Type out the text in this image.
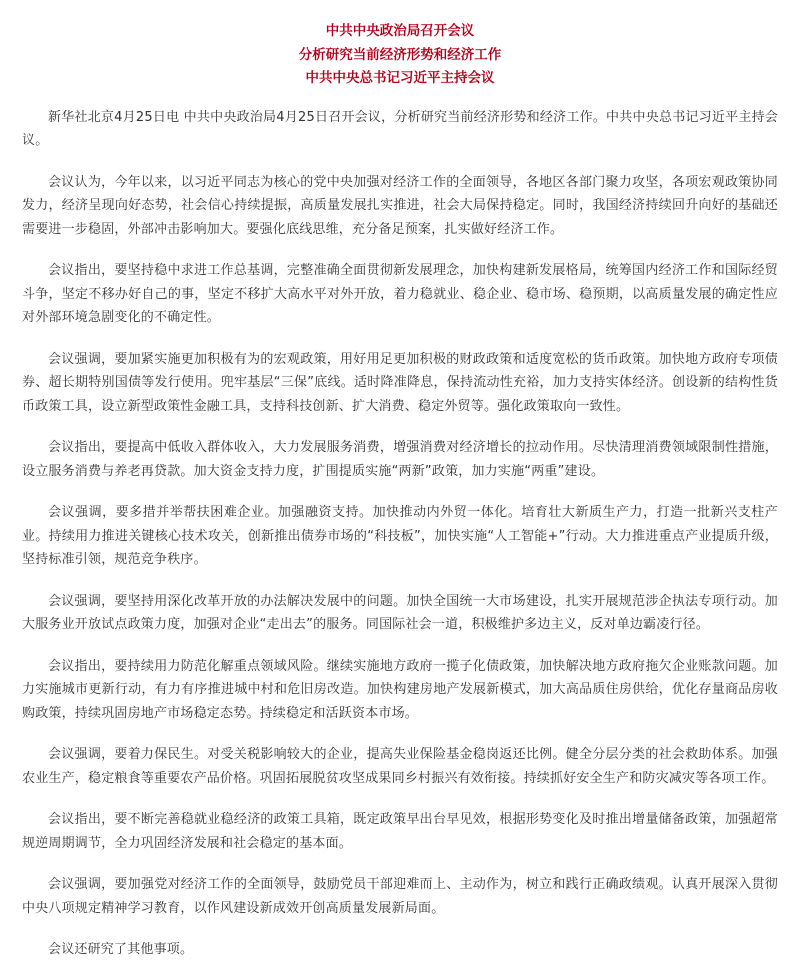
中共中央政治局召开会议
分析研究当前经济形势和经济工作
中共中央总书记习近平主持会议

新华社北京4月25日电 中共中央政治局4月25日召开会议，分析研究当前经济形势和经济工作。中共中央总书记习近平主持会议。

会议认为，今年以来，以习近平同志为核心的党中央加强对经济工作的全面领导，各地区各部门聚力攻坚，各项宏观政策协同发力，经济呈现向好态势，社会信心持续提振，高质量发展扎实推进，社会大局保持稳定。同时，我国经济持续回升向好的基础还需要进一步稳固，外部冲击影响加大。要强化底线思维，充分备足预案，扎实做好经济工作。

会议指出，要坚持稳中求进工作总基调，完整准确全面贯彻新发展理念，加快构建新发展格局，统筹国内经济工作和国际经贸斗争，坚定不移办好自己的事，坚定不移扩大高水平对外开放，着力稳就业、稳企业、稳市场、稳预期，以高质量发展的确定性应对外部环境急剧变化的不确定性。

会议强调，要加紧实施更加积极有为的宏观政策，用好用足更加积极的财政政策和适度宽松的货币政策。加快地方政府专项债券、超长期特别国债等发行使用。兜牢基层“三保”底线。适时降准降息，保持流动性充裕，加力支持实体经济。创设新的结构性货币政策工具，设立新型政策性金融工具，支持科技创新、扩大消费、稳定外贸等。强化政策取向一致性。

会议指出，要提高中低收入群体收入，大力发展服务消费，增强消费对经济增长的拉动作用。尽快清理消费领域限制性措施，设立服务消费与养老再贷款。加大资金支持力度，扩围提质实施“两新”政策，加力实施“两重”建设。

会议强调，要多措并举帮扶困难企业。加强融资支持。加快推动内外贸一体化。培育壮大新质生产力，打造一批新兴支柱产业。持续用力推进关键核心技术攻关，创新推出债券市场的“科技板”，加快实施“人工智能+”行动。大力推进重点产业提质升级，坚持标准引领，规范竞争秩序。

会议强调，要坚持用深化改革开放的办法解决发展中的问题。加快全国统一大市场建设，扎实开展规范涉企执法专项行动。加大服务业开放试点政策力度，加强对企业“走出去”的服务。同国际社会一道，积极维护多边主义，反对单边霸凌行径。

会议指出，要持续用力防范化解重点领域风险。继续实施地方政府一揽子化债政策，加快解决地方政府拖欠企业账款问题。加力实施城市更新行动，有力有序推进城中村和危旧房改造。加快构建房地产发展新模式，加大高品质住房供给，优化存量商品房收购政策，持续巩固房地产市场稳定态势。持续稳定和活跃资本市场。

会议强调，要着力保民生。对受关税影响较大的企业，提高失业保险基金稳岗返还比例。健全分层分类的社会救助体系。加强农业生产，稳定粮食等重要农产品价格。巩固拓展脱贫攻坚成果同乡村振兴有效衔接。持续抓好安全生产和防灾减灾等各项工作。

会议指出，要不断完善稳就业稳经济的政策工具箱，既定政策早出台早见效，根据形势变化及时推出增量储备政策，加强超常规逆周期调节，全力巩固经济发展和社会稳定的基本面。

会议强调，要加强党对经济工作的全面领导，鼓励党员干部迎难而上、主动作为，树立和践行正确政绩观。认真开展深入贯彻中央八项规定精神学习教育，以作风建设新成效开创高质量发展新局面。

会议还研究了其他事项。
